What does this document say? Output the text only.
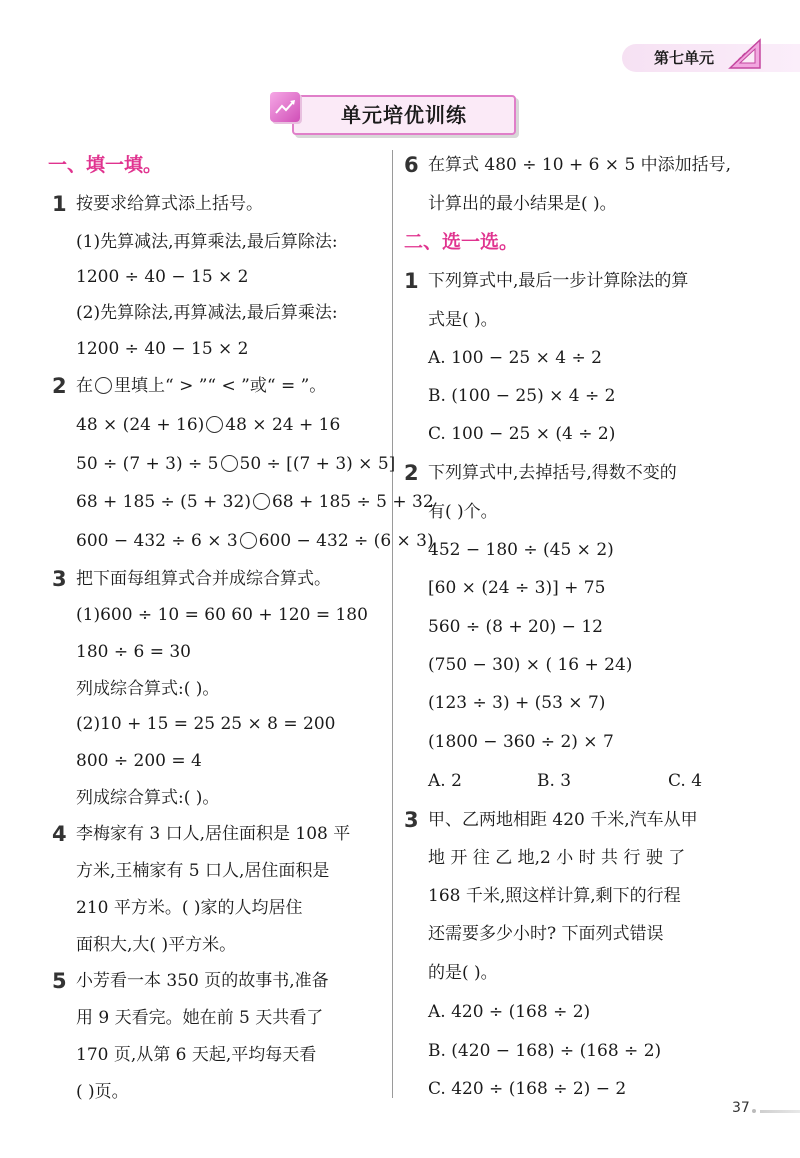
第七单元
单元培优训练
一、填一填。
1 按要求给算式添上括号。
(1)先算减法,再算乘法,最后算除法:
1200 ÷ 40 − 15 × 2
(2)先算除法,再算减法,最后算乘法:
1200 ÷ 40 − 15 × 2
2 在 里填上“ > ”“ < ”或“ = ”。
48 × (24 + 16) 48 × 24 + 16
50 ÷ (7 + 3) ÷ 5 50 ÷ [(7 + 3) × 5]
68 + 185 ÷ (5 + 32) 68 + 185 ÷ 5 + 32
600 − 432 ÷ 6 × 3 600 − 432 ÷ (6 × 3)
3 把下面每组算式合并成综合算式。
(1)600 ÷ 10 = 60 60 + 120 = 180
180 ÷ 6 = 30
列成综合算式:( )。
(2)10 + 15 = 25 25 × 8 = 200
800 ÷ 200 = 4
列成综合算式:( )。
4 李梅家有 3 口人,居住面积是 108 平
方米,王楠家有 5 口人,居住面积是
210 平方米。( )家的人均居住
面积大,大( )平方米。
5 小芳看一本 350 页的故事书,准备
用 9 天看完。她在前 5 天共看了
170 页,从第 6 天起,平均每天看
( )页。
6 在算式 480 ÷ 10 + 6 × 5 中添加括号,
计算出的最小结果是( )。
二、选一选。
1 下列算式中,最后一步计算除法的算
式是( )。
A. 100 − 25 × 4 ÷ 2
B. (100 − 25) × 4 ÷ 2
C. 100 − 25 × (4 ÷ 2)
2 下列算式中,去掉括号,得数不变的
有( )个。
452 − 180 ÷ (45 × 2)
[60 × (24 ÷ 3)] + 75
560 ÷ (8 + 20) − 12
(750 − 30) × ( 16 + 24)
(123 ÷ 3) + (53 × 7)
(1800 − 360 ÷ 2) × 7
A. 2	B. 3	C. 4
3 甲、乙两地相距 420 千米,汽车从甲
地 开 往 乙 地,2 小 时 共 行 驶 了
168 千米,照这样计算,剩下的行程
还需要多少小时? 下面列式错误
的是( )。
A. 420 ÷ (168 ÷ 2)
B. (420 − 168) ÷ (168 ÷ 2)
C. 420 ÷ (168 ÷ 2) − 2
37
